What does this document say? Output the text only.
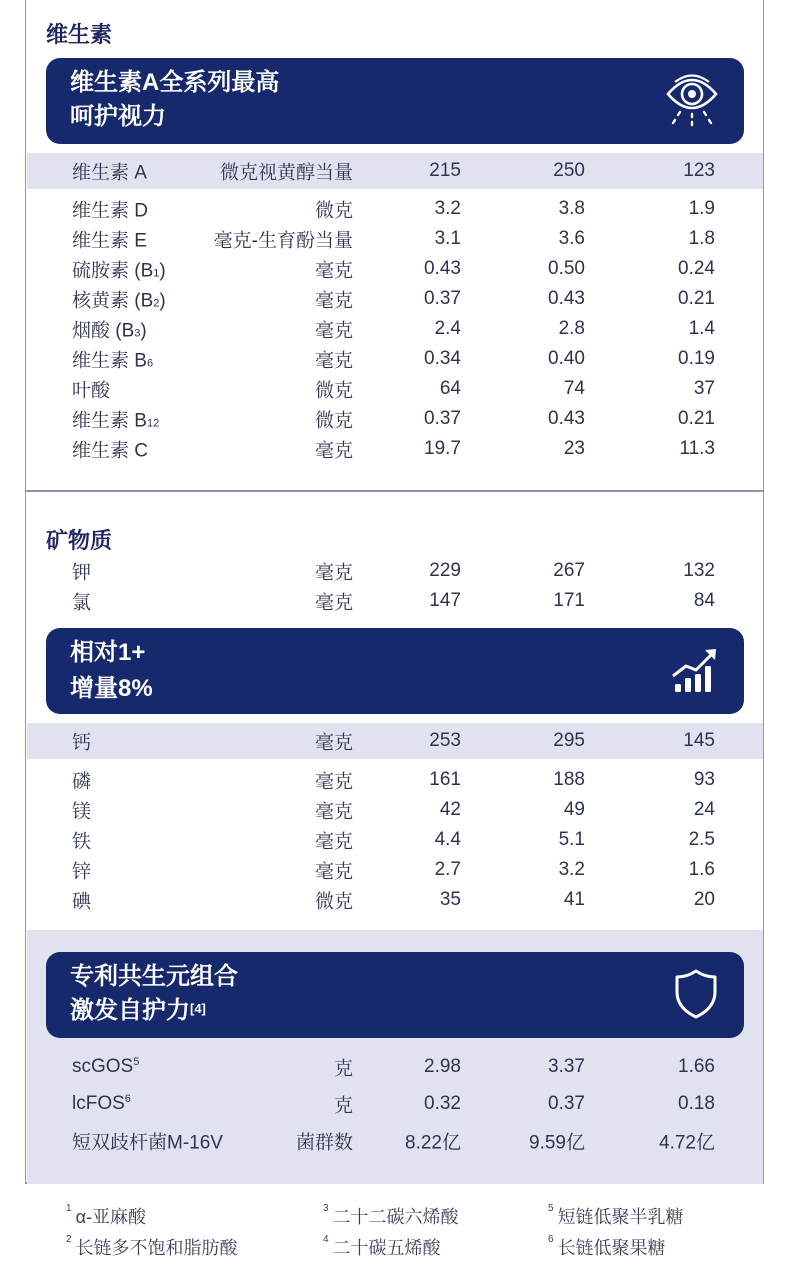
维生素
维生素A全系列最高
呵护视力
维生素 A	微克视黄醇当量	215	250	123
维生素 D	微克	3.2	3.8	1.9
维生素 E	毫克-生育酚当量	3.1	3.6	1.8
硫胺素 (B1)	毫克	0.43	0.50	0.24
核黄素 (B2)	毫克	0.37	0.43	0.21
烟酸 (B3)	毫克	2.4	2.8	1.4
维生素 B6	毫克	0.34	0.40	0.19
叶酸	微克	64	74	37
维生素 B12	微克	0.37	0.43	0.21
维生素 C	毫克	19.7	23	11.3
矿物质
钾	毫克	229	267	132
氯	毫克	147	171	84
相对1+
增量8%
钙	毫克	253	295	145
磷	毫克	161	188	93
镁	毫克	42	49	24
铁	毫克	4.4	5.1	2.5
锌	毫克	2.7	3.2	1.6
碘	微克	35	41	20
专利共生元组合
激发自护力[4]
scGOS$^5$	克	2.98	3.37	1.66
lcFOS$^6$	克	0.32	0.37	0.18
短双歧杆菌M-16V	菌群数	8.22亿	9.59亿	4.72亿
$^1$ α-亚麻酸
$^2$ 长链多不饱和脂肪酸
$^3$ 二十二碳六烯酸
$^4$ 二十碳五烯酸
$^5$ 短链低聚半乳糖
$^6$ 长链低聚果糖
